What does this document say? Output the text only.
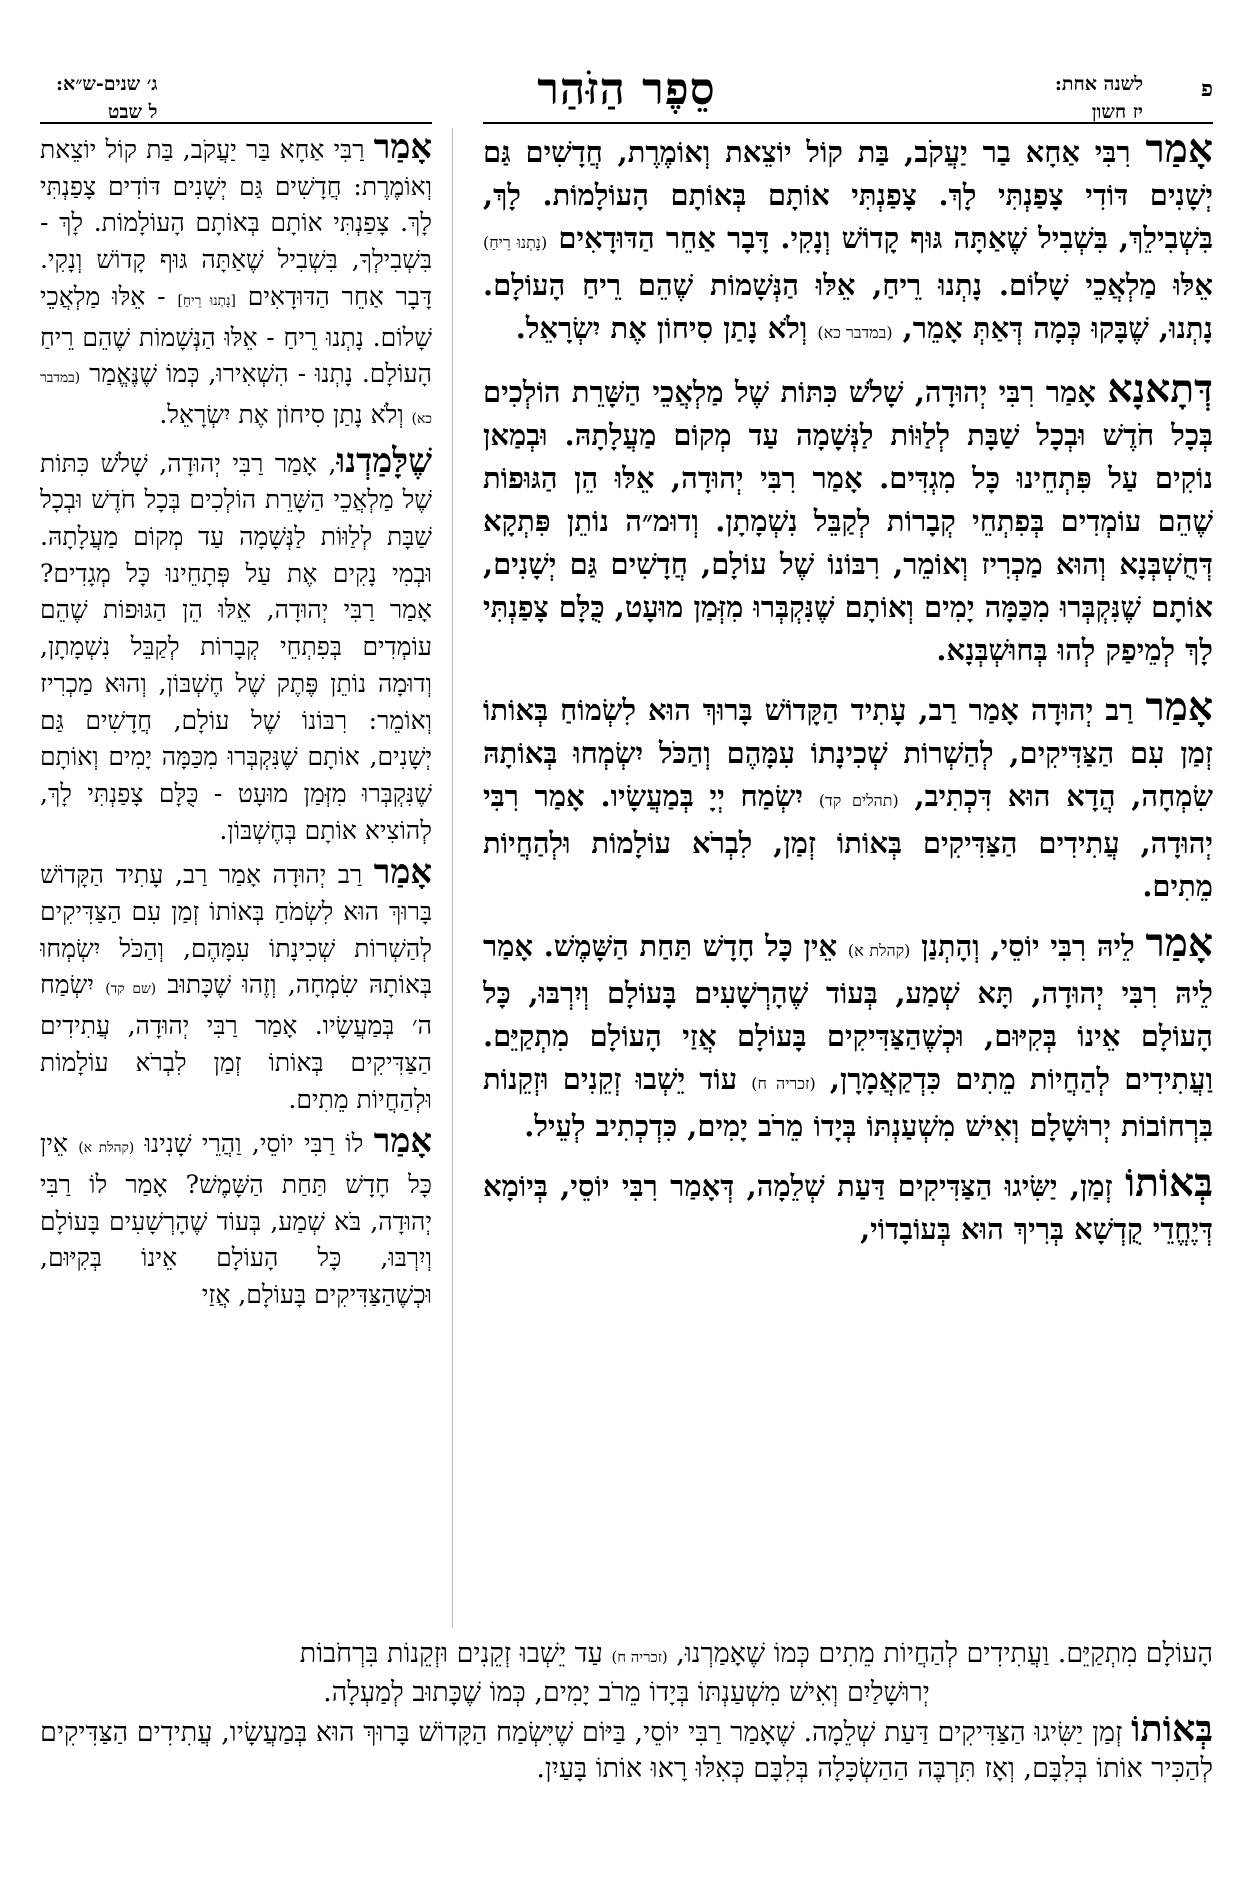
פ
לשנה אחת:
יז חשון
סֵפֶר הַזֹּהַר
ג׳ שנים-ש״א:
ל שבט

אָמַר רִבִּי אַחָא בַר יַעֲקֹב, בַּת קוֹל יוֹצֵאת וְאוֹמֶרֶת, חֲדָשִׁים גַּם יְשָׁנִים דּוֹדִי צָפַנְתִּי לָךְ. צָפַנְתִּי אוֹתָם בְּאוֹתָם הָעוֹלָמוֹת. לָךְ, בִּשְׁבִילֵךְ, בִּשְׁבִיל שֶׁאַתָּה גּוּף קָדוֹשׁ וְנָקִי. דָּבָר אַחֵר הַדּוּדָאִים (נָתְנוּ רֵיחַ) אֵלּוּ מַלְאֲכֵי שָׁלוֹם. נָתְנוּ רֵיחַ, אֵלּוּ הַנְּשָׁמוֹת שֶׁהֵם רֵיחַ הָעוֹלָם. נָתְנוּ, שֶׁבָּקוּ כְּמָה דְּאַתְּ אָמֵר, (במדבר כא) וְלֹא נָתַן סִיחוֹן אֶת יִשְׂרָאֵל.

דְּתָאנָא אָמַר רִבִּי יְהוּדָה, שָׁלֹשׁ כִּתּוֹת שֶׁל מַלְאֲכֵי הַשָּׁרֵת הוֹלְכִים בְּכָל חֹדֶשׁ וּבְכָל שַׁבָּת לְלַוּוֹת לַנְּשָׁמָה עַד מְקוֹם מַעֲלָתָהּ. וּבְמַאן נוֹקִים עַל פִּתְחֵינוּ כָּל מִגְדִּים. אָמַר רִבִּי יְהוּדָה, אֵלּוּ הֵן הַגּוּפוֹת שֶׁהֵם עוֹמְדִים בְּפִתְחֵי קְבָרוֹת לְקַבֵּל נִשְׁמָתָן. וְדוּמ״ה נוֹתֵן פִּתְקָא דְּחֻשְׁבְּנָא וְהוּא מַכְרִיז וְאוֹמֵר, רִבּוֹנוֹ שֶׁל עוֹלָם, חֲדָשִׁים גַּם יְשָׁנִים, אוֹתָם שֶׁנִּקְבְּרוּ מִכַּמָּה יָמִים וְאוֹתָם שֶׁנִּקְבְּרוּ מִזְּמַן מוּעָט, כֻּלָּם צָפַנְתִּי לָךְ לְמֵיפַק לְהוּ בְּחוּשְׁבְּנָא.

אָמַר רַב יְהוּדָה אָמַר רַב, עָתִיד הַקָּדוֹשׁ בָּרוּךְ הוּא לִשְׂמוֹחַ בְּאוֹתוֹ זְמַן עִם הַצַּדִּיקִים, לְהַשְׁרוֹת שְׁכִינָתוֹ עִמָּהֶם וְהַכֹּל יִשְׂמְחוּ בְּאוֹתָהּ שִׂמְחָה, הֲדָא הוּא דִּכְתִיב, (תהלים קד) יִשְׂמַח יְיָ בְּמַעֲשָׂיו. אָמַר רִבִּי יְהוּדָה, עֲתִידִים הַצַּדִּיקִים בְּאוֹתוֹ זְמַן, לִבְרֹא עוֹלָמוֹת וּלְהַחֲיוֹת מֵתִים.

אָמַר לֵיהּ רִבִּי יוֹסֵי, וְהָתְנַן (קהלת א) אֵין כָּל חָדָשׁ תַּחַת הַשָּׁמֶשׁ. אָמַר לֵיהּ רִבִּי יְהוּדָה, תָּא שְׁמַע, בְּעוֹד שֶׁהָרְשָׁעִים בָּעוֹלָם וְיִרְבּוּ, כָּל הָעוֹלָם אֵינוֹ בְּקִיּוּם, וּכְשֶׁהַצַּדִּיקִים בָּעוֹלָם אֲזַי הָעוֹלָם מִתְקַיֵּם. וַעֲתִידִים לְהַחֲיוֹת מֵתִים כִּדְקַאֲמָרָן, (זכריה ח) עוֹד יֵשְׁבוּ זְקֵנִים וּזְקֵנוֹת בִּרְחוֹבוֹת יְרוּשָׁלָם וְאִישׁ מִשְׁעַנְתּוֹ בְּיָדוֹ מֵרֹב יָמִים, כִּדְכְתִיב לְעֵיל.

בְּאוֹתוֹ זְמַן, יַשִּׂיגוּ הַצַּדִּיקִים דַּעַת שְׁלֵמָה, דְּאָמַר רִבִּי יוֹסֵי, בְּיוֹמָא דְּיֶחֱדֵי קֻדְשָׁא בְּרִיךְ הוּא בְּעוֹבָדוֹי,

אָמַר רַבִּי אַחָא בַּר יַעֲקֹב, בַּת קוֹל יוֹצֵאת וְאוֹמֶרֶת: חֲדָשִׁים גַּם יְשָׁנִים דּוֹדִים צָפַנְתִּי לָךְ. צָפַנְתִּי אוֹתָם בְּאוֹתָם הָעוֹלָמוֹת. לָךְ - בִּשְׁבִילְךָ, בִּשְׁבִיל שֶׁאַתָּה גּוּף קָדוֹשׁ וְנָקִי. דָּבָר אַחֵר הַדּוּדָאִים [נָתְנוּ רֵיחַ] - אֵלּוּ מַלְאֲכֵי שָׁלוֹם. נָתְנוּ רֵיחַ - אֵלּוּ הַנְּשָׁמוֹת שֶׁהֵם רֵיחַ הָעוֹלָם. נָתְנוּ - הִשְׁאִירוּ, כְּמוֹ שֶׁנֶּאֱמַר (במדבר כא) וְלֹא נָתַן סִיחוֹן אֶת יִשְׂרָאֵל.

שֶׁלָּמַדְנוּ, אָמַר רַבִּי יְהוּדָה, שָׁלֹשׁ כִּתּוֹת שֶׁל מַלְאֲכֵי הַשָּׁרֵת הוֹלְכִים בְּכָל חֹדֶשׁ וּבְכָל שַׁבָּת לְלַוּוֹת לַנְּשָׁמָה עַד מְקוֹם מַעֲלָתָהּ. וּבְמִי נָקִים אֶת עַל פְּתָחֵינוּ כָּל מְגָדִים? אָמַר רַבִּי יְהוּדָה, אֵלּוּ הֵן הַגּוּפוֹת שֶׁהֵם עוֹמְדִים בְּפִתְחֵי קְבָרוֹת לְקַבֵּל נִשְׁמָתָן, וְדוּמָה נוֹתֵן פֶּתֶק שֶׁל חֶשְׁבּוֹן, וְהוּא מַכְרִיז וְאוֹמֵר: רִבּוֹנוֹ שֶׁל עוֹלָם, חֲדָשִׁים גַּם יְשָׁנִים, אוֹתָם שֶׁנִּקְבְּרוּ מִכַּמָּה יָמִים וְאוֹתָם שֶׁנִּקְבְּרוּ מִזְּמַן מוּעָט - כֻּלָּם צָפַנְתִּי לָךְ, לְהוֹצִיא אוֹתָם בְּחֶשְׁבּוֹן.

אָמַר רַב יְהוּדָה אָמַר רַב, עָתִיד הַקָּדוֹשׁ בָּרוּךְ הוּא לִשְׂמֹחַ בְּאוֹתוֹ זְמַן עִם הַצַּדִּיקִים לְהַשְׁרוֹת שְׁכִינָתוֹ עִמָּהֶם, וְהַכֹּל יִשְׂמְחוּ בְּאוֹתָהּ שִׂמְחָה, וְזֶהוּ שֶׁכָּתוּב (שם קד) יִשְׂמַח ה׳ בְּמַעֲשָׂיו. אָמַר רַבִּי יְהוּדָה, עֲתִידִים הַצַּדִּיקִים בְּאוֹתוֹ זְמַן לִבְרֹא עוֹלָמוֹת וּלְהַחֲיוֹת מֵתִים.

אָמַר לוֹ רַבִּי יוֹסֵי, וַהֲרֵי שָׁנִינוּ (קהלת א) אֵין כָּל חָדָשׁ תַּחַת הַשָּׁמֶשׁ? אָמַר לוֹ רַבִּי יְהוּדָה, בֹּא שְׁמַע, בְּעוֹד שֶׁהָרְשָׁעִים בָּעוֹלָם וְיִרְבּוּ, כָּל הָעוֹלָם אֵינוֹ בְּקִיּוּם, וּכְשֶׁהַצַּדִּיקִים בָּעוֹלָם, אֲזַי

הָעוֹלָם מִתְקַיֵּם. וַעֲתִידִים לְהַחֲיוֹת מֵתִים כְּמוֹ שֶׁאָמַרְנוּ, (זכריה ח) עַד יֵשְׁבוּ זְקֵנִים וּזְקֵנוֹת בִּרְחֹבוֹת

יְרוּשָׁלַיִם וְאִישׁ מִשְׁעַנְתּוֹ בְּיָדוֹ מֵרֹב יָמִים, כְּמוֹ שֶׁכָּתוּב לְמַעְלָה.

בְּאוֹתוֹ זְמַן יַשִּׂיגוּ הַצַּדִּיקִים דַּעַת שְׁלֵמָה. שֶׁאָמַר רַבִּי יוֹסֵי, בַּיּוֹם שֶׁיִּשְׂמַח הַקָּדוֹשׁ בָּרוּךְ הוּא בְּמַעֲשָׂיו, עֲתִידִים הַצַּדִּיקִים לְהַכִּיר אוֹתוֹ בְּלִבָּם, וְאָז תִּרְבֶּה הַהַשְׂכָּלָה בְּלִבָּם כְּאִלּוּ רָאוּ אוֹתוֹ בָּעַיִן.
